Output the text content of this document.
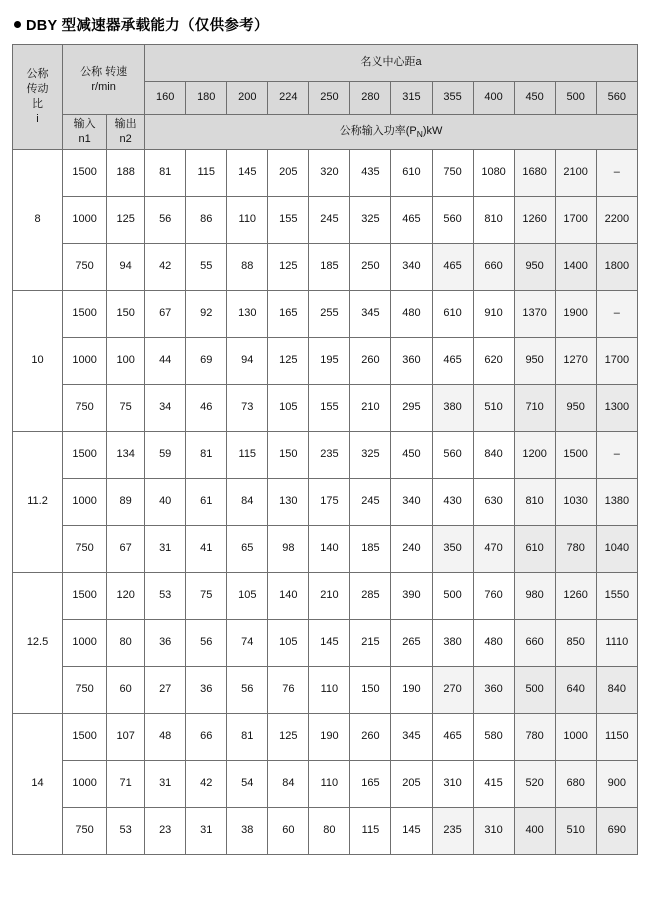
DBY 型减速器承载能力（仅供参考）
公称
传动
比
i

公称 转速
r/min
	名义中心距a
			160	180	200	224	250	280	315	355	400	450	500	560

输入
n1

输出
n2
	公称输入功率$(P_N)kW$

8	1500	188	81	115	145	205	320	435	610	750	1080	1680	2100	–
	1000	125	56	86	110	155	245	325	465	560	810	1260	1700	2200
	750	94	42	55	88	125	185	250	340	465	660	950	1400	1800
10	1500	150	67	92	130	165	255	345	480	610	910	1370	1900	–
	1000	100	44	69	94	125	195	260	360	465	620	950	1270	1700
	750	75	34	46	73	105	155	210	295	380	510	710	950	1300
11.2	1500	134	59	81	115	150	235	325	450	560	840	1200	1500	–
	1000	89	40	61	84	130	175	245	340	430	630	810	1030	1380
	750	67	31	41	65	98	140	185	240	350	470	610	780	1040
12.5	1500	120	53	75	105	140	210	285	390	500	760	980	1260	1550
	1000	80	36	56	74	105	145	215	265	380	480	660	850	1110
	750	60	27	36	56	76	110	150	190	270	360	500	640	840
14	1500	107	48	66	81	125	190	260	345	465	580	780	1000	1150
	1000	71	31	42	54	84	110	165	205	310	415	520	680	900
	750	53	23	31	38	60	80	115	145	235	310	400	510	690
